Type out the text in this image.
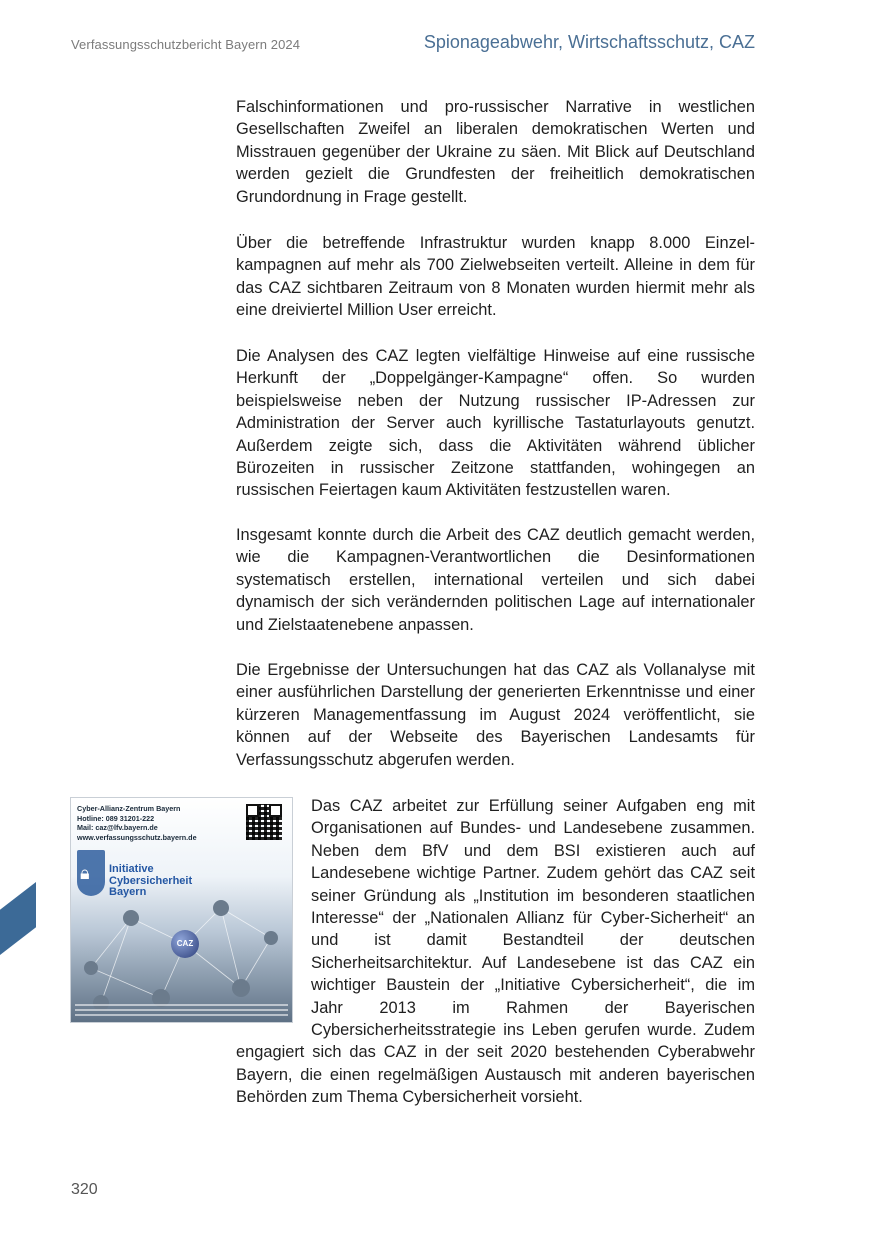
Verfassungsschutzbericht Bayern 2024	Spionageabwehr, Wirtschaftsschutz, CAZ

Falschinformationen und pro-russischer Narrative in westlichen Gesellschaften Zweifel an liberalen demokratischen Werten und Misstrauen gegenüber der Ukraine zu säen. Mit Blick auf Deutschland werden gezielt die Grundfesten der freiheitlich demokratischen Grundordnung in Frage gestellt.

Über die betreffende Infrastruktur wurden knapp 8.000 Einzelkampagnen auf mehr als 700 Zielwebseiten verteilt. Alleine in dem für das CAZ sichtbaren Zeitraum von 8 Monaten wurden hiermit mehr als eine dreiviertel Million User erreicht.

Die Analysen des CAZ legten vielfältige Hinweise auf eine russische Herkunft der „Doppelgänger-Kampagne“ offen. So wurden beispielsweise neben der Nutzung russischer IP-Adressen zur Administration der Server auch kyrillische Tastaturlayouts genutzt. Außerdem zeigte sich, dass die Aktivitäten während üblicher Bürozeiten in russischer Zeitzone stattfanden, wohingegen an russischen Feiertagen kaum Aktivitäten festzustellen waren.

Insgesamt konnte durch die Arbeit des CAZ deutlich gemacht werden, wie die Kampagnen-Verantwortlichen die Desinformationen systematisch erstellen, international verteilen und sich dabei dynamisch der sich verändernden politischen Lage auf internationaler und Zielstaatenebene anpassen.

Die Ergebnisse der Untersuchungen hat das CAZ als Vollanalyse mit einer ausführlichen Darstellung der generierten Erkenntnisse und einer kürzeren Managementfassung im August 2024 veröffentlicht, sie können auf der Webseite des Bayerischen Landesamts für Verfassungsschutz abgerufen werden.

Cyber-Allianz-Zentrum Bayern
Hotline: 089 31201-222
Mail: caz@lfv.bayern.de
www.verfassungsschutz.bayern.de
🔒︎ Initiative
Cybersicherheit
Bayern
CAZ
Das CAZ arbeitet zur Erfüllung seiner Aufgaben eng mit Organisationen auf Bundes- und Landesebene zusammen. Neben dem BfV und dem BSI existieren auch auf Landesebene wichtige Partner. Zudem gehört das CAZ seit seiner Gründung als „Institution im besonderen staatlichen Interesse“ der „Nationalen Allianz für Cyber-Sicherheit“ an und ist damit Bestandteil der deutschen Sicherheitsarchitektur. Auf Landesebene ist das CAZ ein wichtiger Baustein der „Initiative Cybersicherheit“, die im Jahr 2013 im Rahmen der Bayerischen Cybersicherheitsstrategie ins Leben gerufen wurde. Zudem engagiert sich das CAZ in der seit 2020 bestehenden Cyberabwehr Bayern, die einen regelmäßigen Austausch mit anderen bayerischen Behörden zum Thema Cybersicherheit vorsieht.
320
